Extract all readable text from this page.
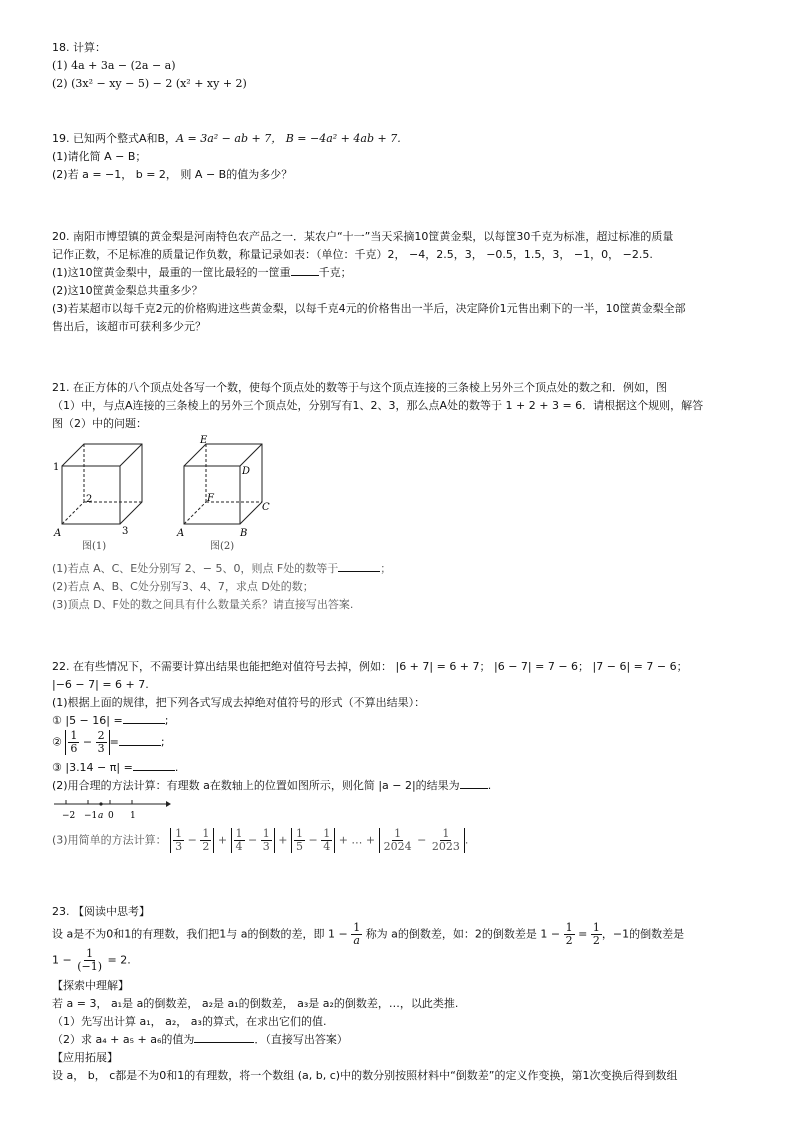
18. 计算：
(1) 4a + 3a − (2a − a)
(2) (3x² − xy − 5) − 2 (x² + xy + 2)
19. 已知两个整式A和B，A = 3a² − ab + 7， B = −4a² + 4ab + 7.
(1)请化简 A − B；
(2)若 a = −1， b = 2， 则 A − B的值为多少？
20. 南阳市博望镇的黄金梨是河南特色农产品之一．某农户“十一”当天采摘10筐黄金梨，以每筐30千克为标准，超过标准的质量
记作正数，不足标准的质量记作负数，称量记录如表：（单位：千克）2， −4，2.5，3， −0.5，1.5，3， −1，0， −2.5.
(1)这10筐黄金梨中，最重的一筐比最轻的一筐重	千克；
(2)这10筐黄金梨总共重多少？
(3)若某超市以每千克2元的价格购进这些黄金梨，以每千克4元的价格售出一半后，决定降价1元售出剩下的一半，10筐黄金梨全部
售出后，该超市可获利多少元？
21. 在正方体的八个顶点处各写一个数，使每个顶点处的数等于与这个顶点连接的三条棱上另外三个顶点处的数之和．例如，图
（1）中，与点A连接的三条棱上的另外三个顶点处，分别写有1、2、3，那么点A处的数等于 1 + 2 + 3 = 6．请根据这个规则，解答
图（2）中的问题：
1
2
3
A
图(1)
E
D
F
C
A	B
图(2)
(1)若点 A、C、E处分别写 2、− 5、0，则点 F处的数等于	；
(2)若点 A、B、C处分别写3、4、7，求点 D处的数；
(3)顶点 D、F处的数之间具有什么数量关系？请直接写出答案.
22. 在有些情况下，不需要计算出结果也能把绝对值符号去掉，例如： |6 + 7| = 6 + 7； |6 − 7| = 7 − 6； |7 − 6| = 7 − 6；
|−6 − 7| = 6 + 7.
(1)根据上面的规律，把下列各式写成去掉绝对值符号的形式（不算出结果）：
① |5 − 16| =	;
② $\frac{1}{6} - \frac{2}{3}$ =	;
③ |3.14 − π| =	.
(2)用合理的方法计算：有理数 a在数轴上的位置如图所示，则化简 |a − 2|的结果为	.
−2 −1 a 0 1
(3)用简单的方法计算： $\frac{1}{3} - \frac{1}{2} + \frac{1}{4} - \frac{1}{3} + \frac{1}{5} - \frac{1}{4}$ + … + $\frac{1}{2024} - \frac{1}{2023}$ .
23. 【阅读中思考】
设 a是不为0和1的有理数，我们把1与 a的倒数的差，即 $1 - \frac{1}{a}$ 称为 a的倒数差，如：2的倒数差是 $1 - \frac{1}{2} = \frac{1}{2}$ ，−1的倒数差是
$1 - \frac{1}{(-1)} = 2$.
【探索中理解】
若 a = 3， a₁是 a的倒数差， a₂是 a₁的倒数差， a₃是 a₂的倒数差，…，以此类推.
（1）先写出计算 a₁， a₂， a₃的算式，在求出它们的值.
（2）求 a₄ + a₅ + a₆的值为	．（直接写出答案）
【应用拓展】
设 a， b， c都是不为0和1的有理数，将一个数组 (a, b, c)中的数分别按照材料中“倒数差”的定义作变换，第1次变换后得到数组
